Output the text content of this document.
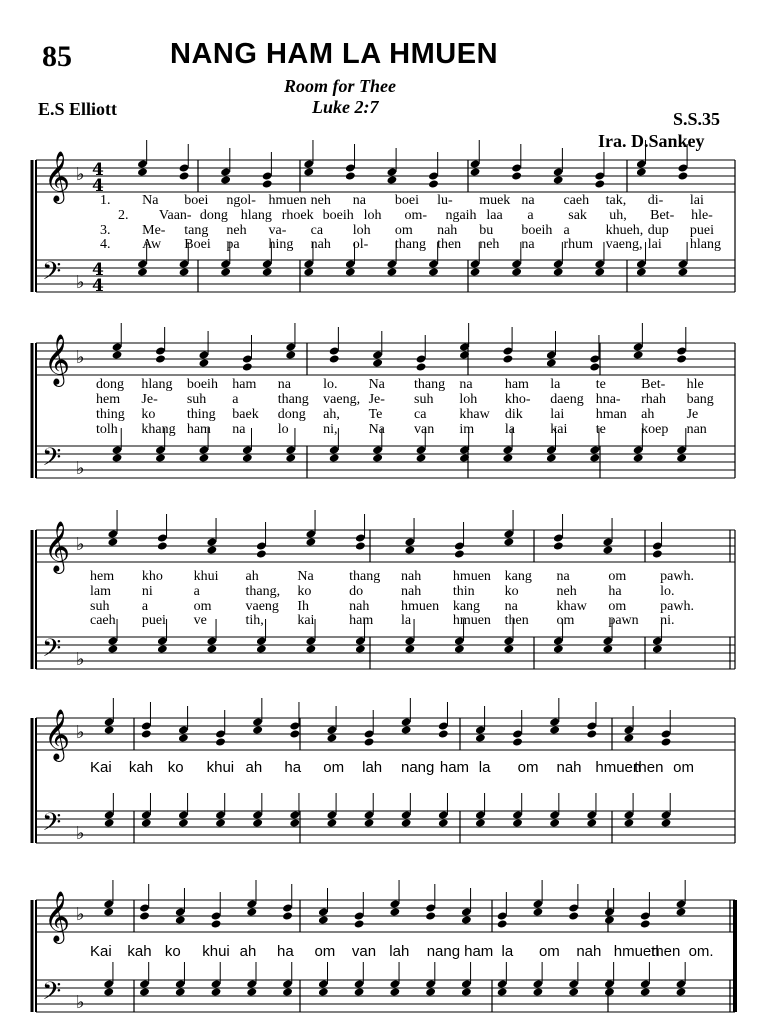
85	NANG HAM LA HMUEN
Room for Thee
Luke 2:7
E.S Elliott	S.S.35
Ira. D.Sankey
𝄞 ♭ 4
4
𝄢 ♭
4
4
1. Na boei ngol- hmuen neh na boei lu- muek na caeh tak, di- lai
2. Vaan- dong hlang rhoek boeih loh om- ngaih laa a sak uh, Bet- hle-
3. Me- tang neh va- ca loh om nah bu boeih a	khueh, dup puei
4. Aw Boei pa hing nah ol- thang then neh na rhum vaeng, lai hlang
𝄞 ♭
𝄢 ♭
dong hlang boeih ham na lo. Na thang na ham la	te	Bet- hle
hem Je- suh a	thang vaeng, Je- suh loh kho- daeng hna- rhah bang
thing ko thing baek dong ah, Te ca khaw dik lai hman ah Je
tolh khang ham na lo ni, Na van im la	kai te	koep nan
𝄞 ♭
𝄢 ♭
hem kho khui ah	Na	thang nah hmuen kang na	om pawh.
lam ni	a	thang, ko	do	nah thin ko	neh ha	lo.
suh a	om vaeng Ih	nah hmuen kang na	khaw om pawh.
caeh puei ve	tih, kai ham la	hmuen then om pawn ni.
𝄞 ♭
𝄢 ♭
Kai kah ko khui ah ha om lah nang ham la om nah hmuen
then om
𝄞 ♭
𝄢 ♭
Kai kah ko khui ah ha om van lah nang ham la om nah hmuen
then om.
